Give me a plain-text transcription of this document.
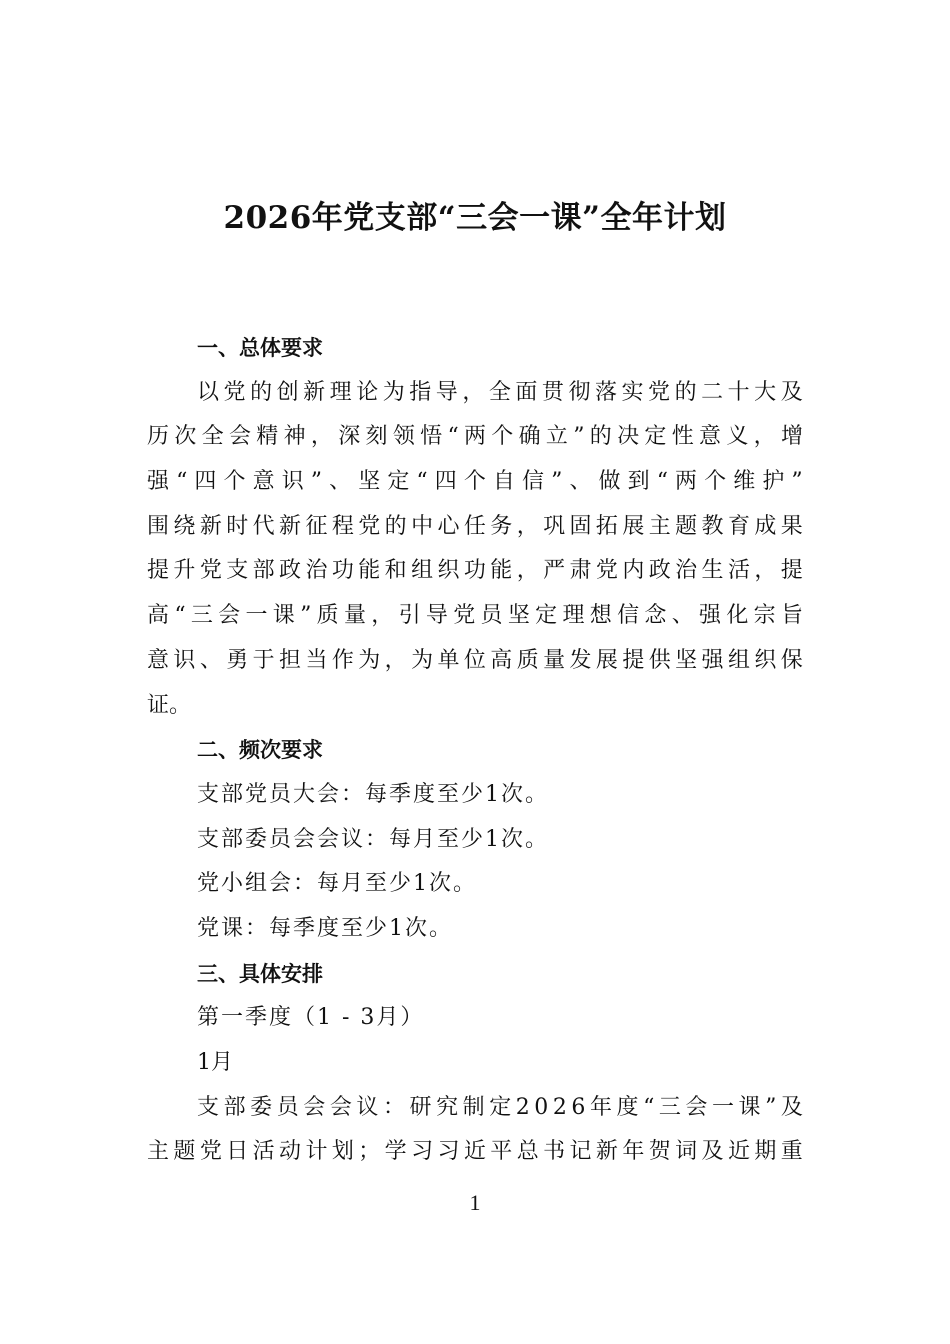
2026年党支部“三会一课”全年计划
一、总体要求
以 党 的 创 新 理 论 为 指 导 ， 全 面 贯 彻 落 实 党 的 二 十 大 及
历 次 全 会 精 神 ， 深 刻 领 悟 “ 两 个 确 立 ” 的 决 定 性 意 义 ， 增
强 “ 四 个 意 识 ” 、 坚 定 “ 四 个 自 信 ” 、 做 到 “ 两 个 维 护 ”
围 绕 新 时 代 新 征 程 党 的 中 心 任 务 ， 巩 固 拓 展 主 题 教 育 成 果
提 升 党 支 部 政 治 功 能 和 组 织 功 能 ， 严 肃 党 内 政 治 生 活 ， 提
高 “ 三 会 一 课 ” 质 量 ， 引 导 党 员 坚 定 理 想 信 念 、 强 化 宗 旨
意 识 、 勇 于 担 当 作 为 ， 为 单 位 高 质 量 发 展 提 供 坚 强 组 织 保
证。
二、频次要求
支部党员大会：每季度至少1次。
支部委员会会议：每月至少1次。
党小组会：每月至少1次。
党课：每季度至少1次。
三、具体安排
第一季度（1 - 3月）
1月
支 部 委 员 会 会 议 ： 研 究 制 定 2 0 2 6 年 度 “ 三 会 一 课 ” 及
主 题 党 日 活 动 计 划 ； 学 习 习 近 平 总 书 记 新 年 贺 词 及 近 期 重
1
